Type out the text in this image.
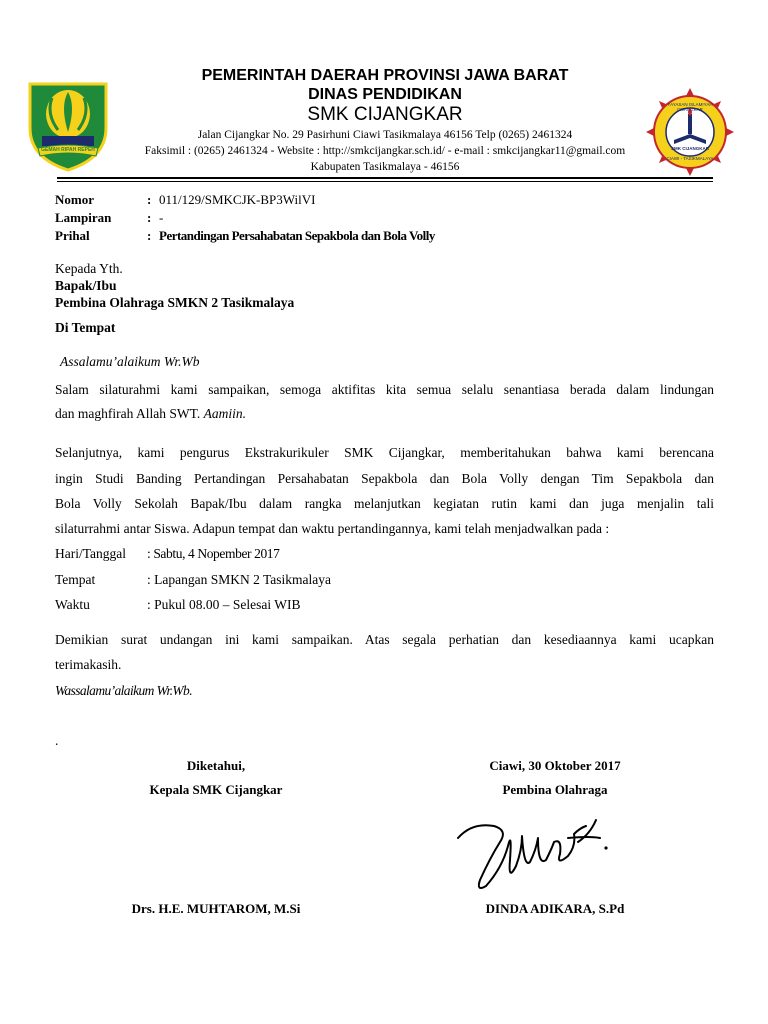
GEMAH RIPAH REPEH RAPIH
PEMERINTAH DAERAH PROVINSI JAWA BARAT
DINAS PENDIDIKAN
SMK CIJANGKAR
Jalan Cijangkar No. 29 Pasirhuni Ciawi Tasikmalaya 46156 Telp (0265) 2461324
Faksimil : (0265) 2461324 - Website : http://smkcijangkar.sch.id/ - e-mail : smkcijangkar11@gmail.com
Kabupaten Tasikmalaya - 46156
YAYASAN ISLAMIYAH CIJANGKAR
SMK CIJANGKAR
CIAWI - TASIKMALAYA
Nomor	: 011/129/SMKCJK-BP3WilVI
Lampiran	: -
Prihal	: Pertandingan Persahabatan Sepakbola dan Bola Volly
Kepada Yth.
Bapak/Ibu
Pembina Olahraga SMKN 2 Tasikmalaya
Di Tempat
Assalamu’alaikum Wr.Wb
Salam silaturahmi kami sampaikan, semoga aktifitas kita semua selalu senantiasa berada dalam lindungan
dan maghfirah Allah SWT. Aamiin.
Selanjutnya, kami pengurus Ekstrakurikuler SMK Cijangkar, memberitahukan bahwa kami berencana
ingin Studi Banding Pertandingan Persahabatan Sepakbola dan Bola Volly dengan Tim Sepakbola dan
Bola Volly Sekolah Bapak/Ibu dalam rangka melanjutkan kegiatan rutin kami dan juga menjalin tali
silaturrahmi antar Siswa. Adapun tempat dan waktu pertandingannya, kami telah menjadwalkan pada :
Hari/Tanggal : Sabtu, 4 Nopember 2017
Tempat	: Lapangan SMKN 2 Tasikmalaya
Waktu	: Pukul 08.00 – Selesai WIB
Demikian surat undangan ini kami sampaikan. Atas segala perhatian dan kesediaannya kami ucapkan
terimakasih.
Wassalamu’alaikum Wr.Wb.
.
Diketahui,
Kepala SMK Cijangkar
Drs. H.E. MUHTAROM, M.Si
Ciawi, 30 Oktober 2017
Pembina Olahraga
DINDA ADIKARA, S.Pd
